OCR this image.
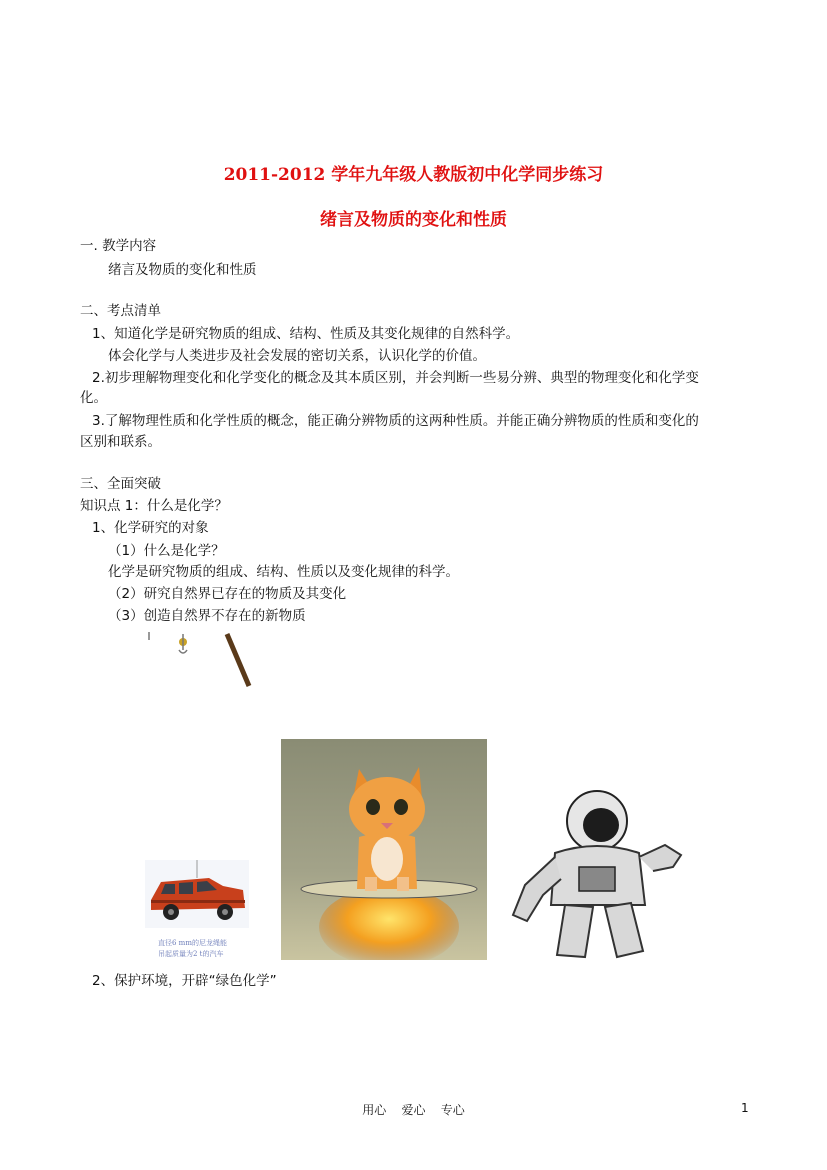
2011-2012 学年九年级人教版初中化学同步练习
绪言及物质的变化和性质
一. 教学内容
绪言及物质的变化和性质
二、考点清单
1、知道化学是研究物质的组成、结构、性质及其变化规律的自然科学。
体会化学与人类进步及社会发展的密切关系，认识化学的价值。
2.初步理解物理变化和化学变化的概念及其本质区别，并会判断一些易分辨、典型的物理变化和化学变
化。
3.了解物理性质和化学性质的概念，能正确分辨物质的这两种性质。并能正确分辨物质的性质和变化的
区别和联系。
三、全面突破
知识点 1：什么是化学？
1、化学研究的对象
（1）什么是化学？
化学是研究物质的组成、结构、性质以及变化规律的科学。
（2）研究自然界已存在的物质及其变化
（3）创造自然界不存在的新物质
直径6 mm的尼龙绳能
吊起质量为2 t的汽车
2、保护环境，开辟“绿色化学”
用心    爱心    专心	1
